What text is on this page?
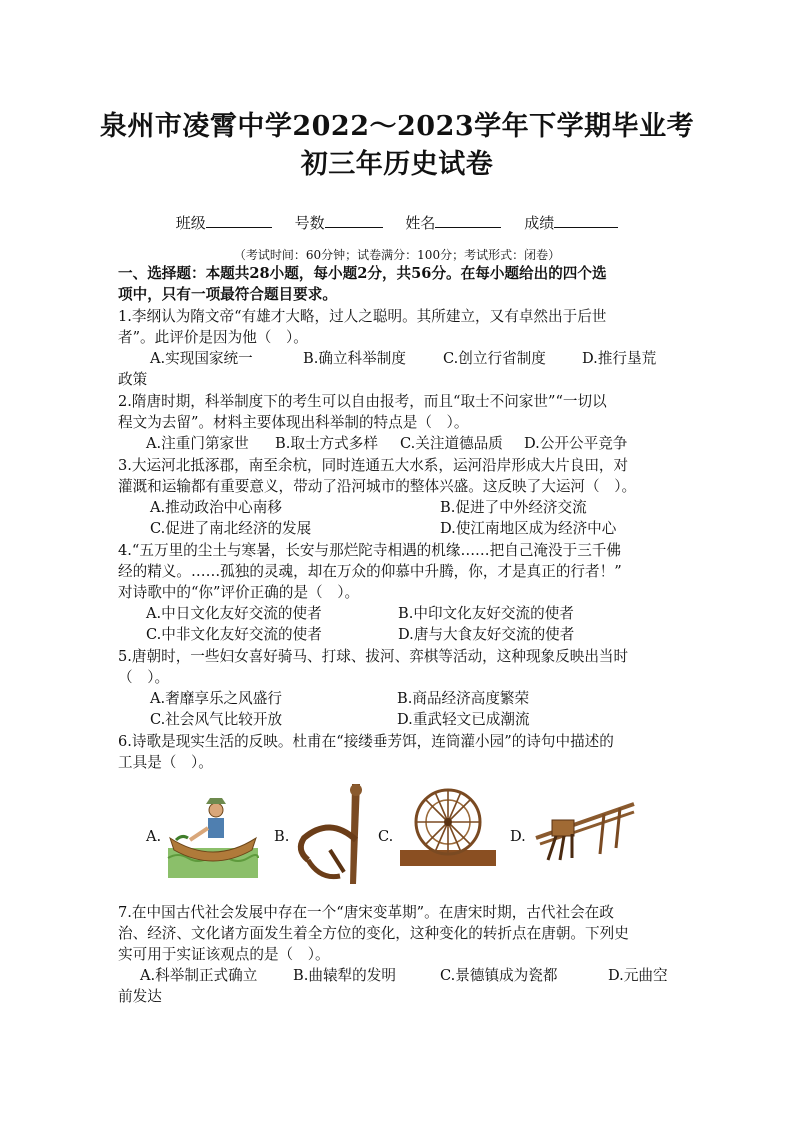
泉州市凌霄中学2022～2023学年下学期毕业考
初三年历史试卷
班级	号数	姓名	成绩
（考试时间：60分钟；试卷满分：100分；考试形式：闭卷）
一、选择题：本题共28小题，每小题2分，共56分。在每小题给出的四个选
项中，只有一项最符合题目要求。
1.李纲认为隋文帝“有雄才大略，过人之聪明。其所建立，又有卓然出于后世
者”。此评价是因为他（　）。
A.实现国家统一	B.确立科举制度	C.创立行省制度 D.推行垦荒
政策
2.隋唐时期，科举制度下的考生可以自由报考，而且“取士不问家世”“一切以
程文为去留”。材料主要体现出科举制的特点是（　）。
A.注重门第家世 B.取士方式多样 C.关注道德品质 D.公开公平竞争
3.大运河北抵涿郡，南至余杭，同时连通五大水系，运河沿岸形成大片良田，对
灌溉和运输都有重要意义，带动了沿河城市的整体兴盛。这反映了大运河（　）。
A.推动政治中心南移	B.促进了中外经济交流
C.促进了南北经济的发展	D.使江南地区成为经济中心
4.“五万里的尘土与寒暑，长安与那烂陀寺相遇的机缘……把自己淹没于三千佛
经的精义。……孤独的灵魂，却在万众的仰慕中升腾，你，才是真正的行者！”
对诗歌中的“你”评价正确的是（　）。
A.中日文化友好交流的使者	B.中印文化友好交流的使者
C.中非文化友好交流的使者	D.唐与大食友好交流的使者
5.唐朝时，一些妇女喜好骑马、打球、拔河、弈棋等活动，这种现象反映出当时
（　）。
A.奢靡享乐之风盛行	B.商品经济高度繁荣
C.社会风气比较开放	D.重武轻文已成潮流
6.诗歌是现实生活的反映。杜甫在“接缕垂芳饵，连筒灌小园”的诗句中描述的
工具是（　）。
A.	B.	C.	D.
7.在中国古代社会发展中存在一个“唐宋变革期”。在唐宋时期，古代社会在政
治、经济、文化诸方面发生着全方位的变化，这种变化的转折点在唐朝。下列史
实可用于实证该观点的是（　）。
A.科举制正式确立 B.曲辕犁的发明	C.景德镇成为瓷都	D.元曲空
前发达
